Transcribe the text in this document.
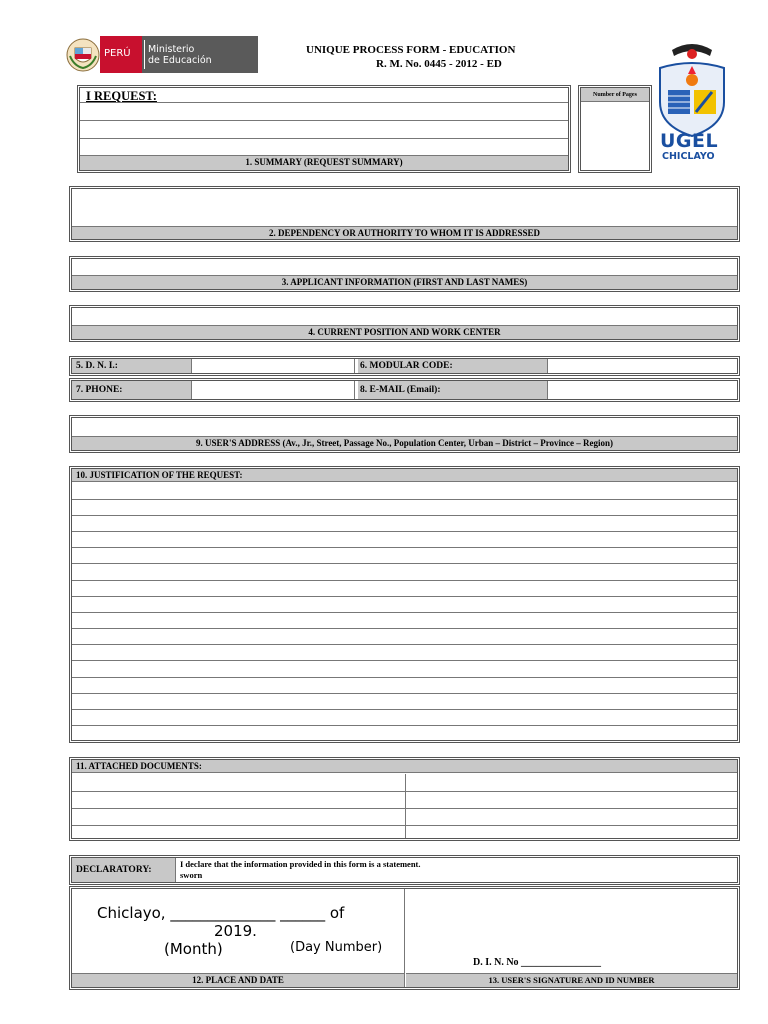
PERÚ Ministerio
de Educación
UNIQUE PROCESS FORM - EDUCATION
R. M. No. 0445 - 2012 - ED
UGEL
CHICLAYO
I REQUEST:
1. SUMMARY (REQUEST SUMMARY)
Number of Pages
2. DEPENDENCY OR AUTHORITY TO WHOM IT IS ADDRESSED
3. APPLICANT INFORMATION (FIRST AND LAST NAMES)
4. CURRENT POSITION AND WORK CENTER
5. D. N. I.:	6. MODULAR CODE:
7. PHONE:	8. E-MAIL (Email):
9. USER'S ADDRESS (Av., Jr., Street, Passage No., Population Center, Urban – District – Province – Region)
10. JUSTIFICATION OF THE REQUEST:
11. ATTACHED DOCUMENTS:
DECLARATORY:
I declare that the information provided in this form is a statement.
sworn
Chiclayo, ______________ ______ of
2019.
(Month)	(Day Number)
D. I. N. No ________________
12. PLACE AND DATE	13. USER'S SIGNATURE AND ID NUMBER
